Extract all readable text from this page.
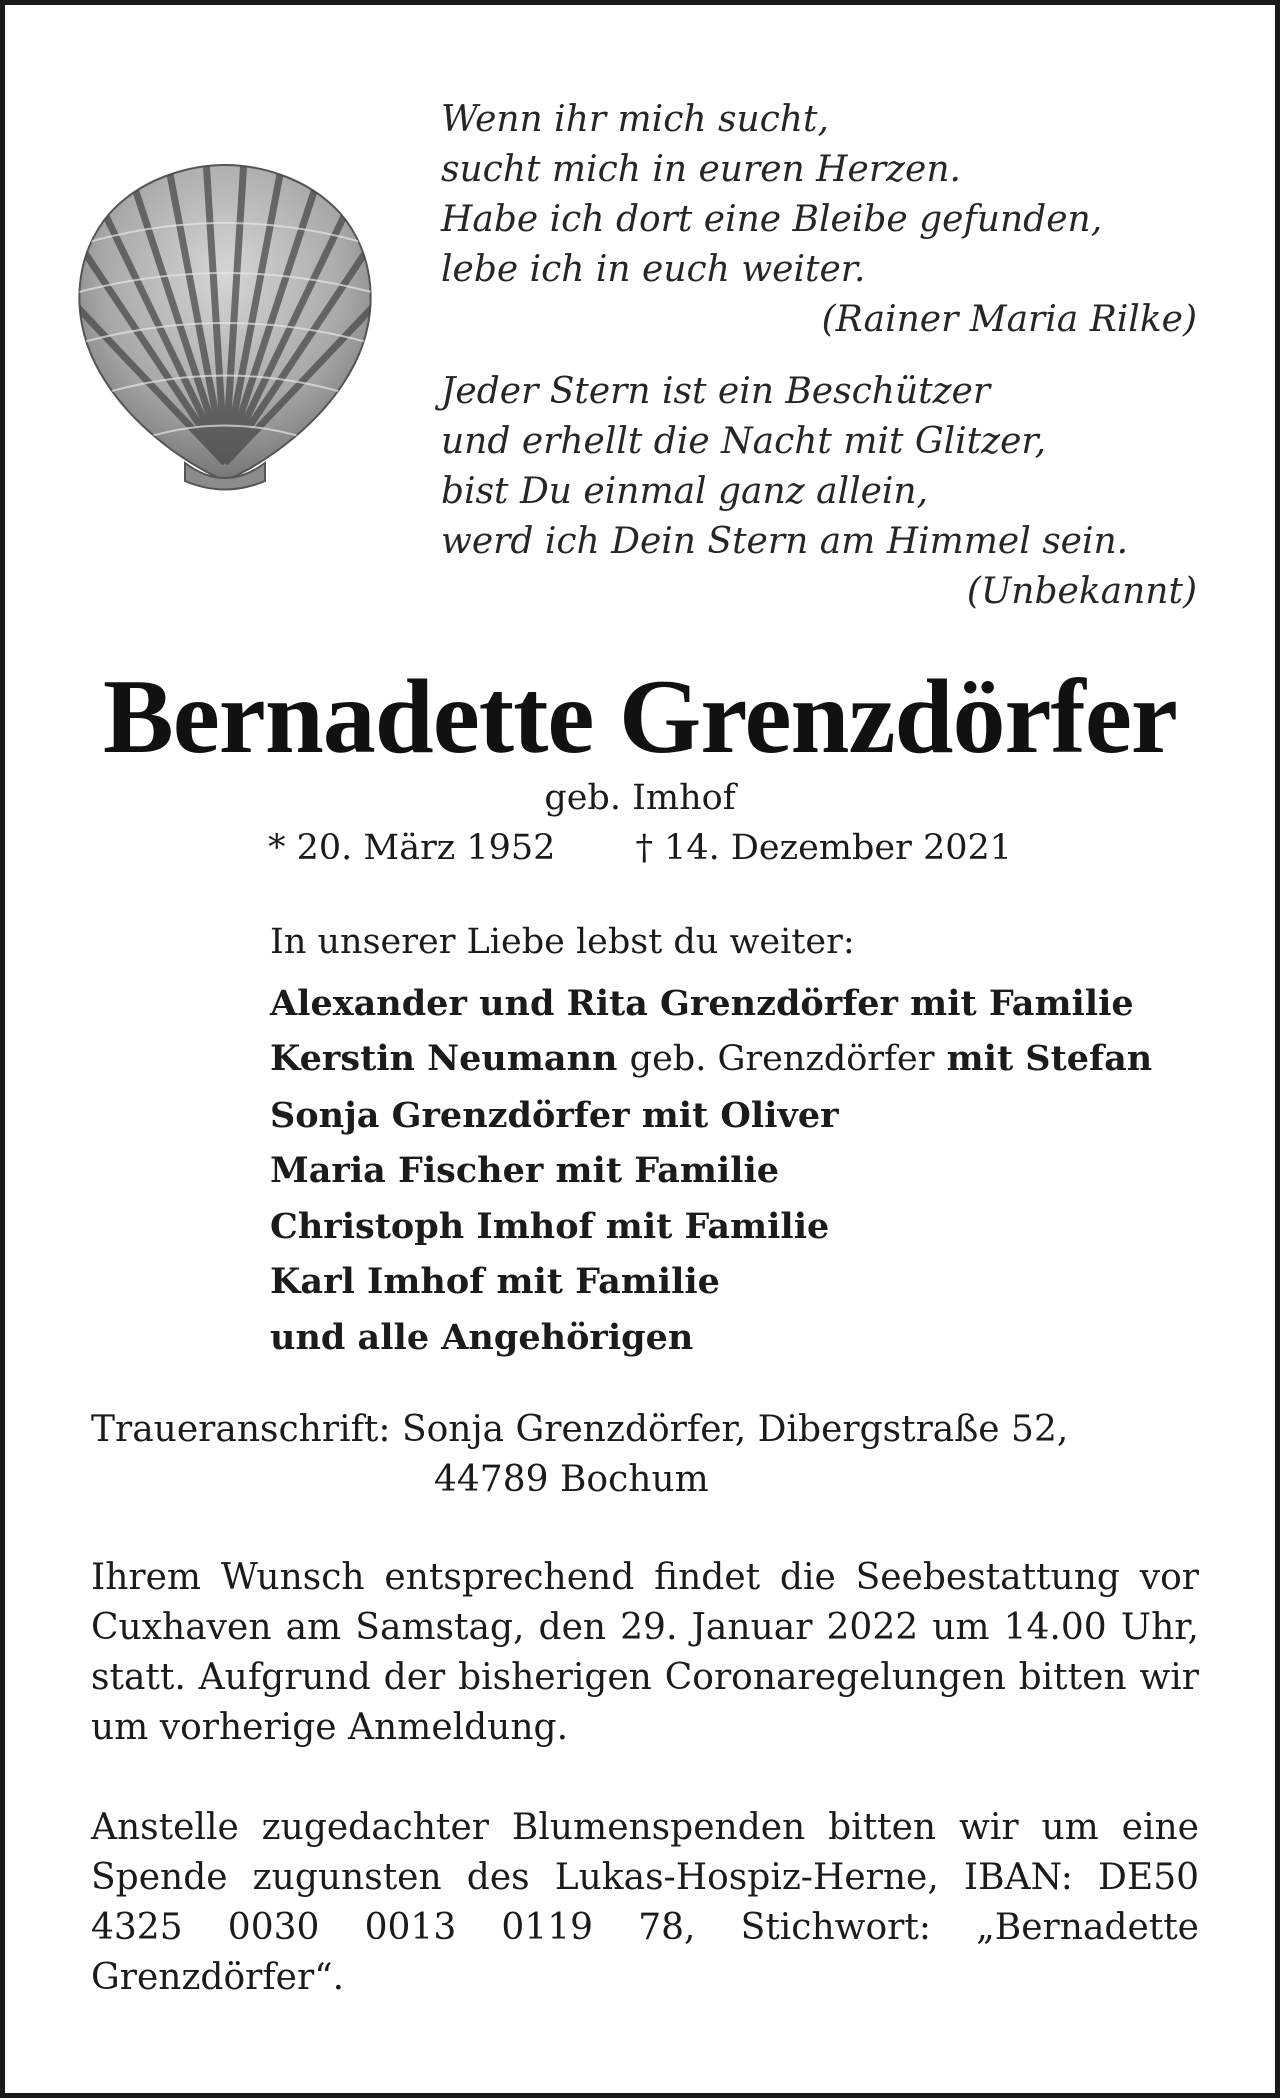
Wenn ihr mich sucht,
sucht mich in euren Herzen.
Habe ich dort eine Bleibe gefunden,
lebe ich in euch weiter.
(Rainer Maria Rilke)
Jeder Stern ist ein Beschützer
und erhellt die Nacht mit Glitzer,
bist Du einmal ganz allein,
werd ich Dein Stern am Himmel sein.
(Unbekannt)
Bernadette Grenzdörfer
geb. Imhof
* 20. März 1952 † 14. Dezember 2021
In unserer Liebe lebst du weiter:
Alexander und Rita Grenzdörfer mit Familie
Kerstin Neumann geb. Grenzdörfer mit Stefan
Sonja Grenzdörfer mit Oliver
Maria Fischer mit Familie
Christoph Imhof mit Familie
Karl Imhof mit Familie
und alle Angehörigen
Traueranschrift: Sonja Grenzdörfer, Dibergstraße 52,
44789 Bochum

Ihrem Wunsch entsprechend findet die Seebestattung vor Cuxhaven am Samstag, den 29. Januar 2022 um 14.00 Uhr, statt. Aufgrund der bisherigen Coronaregelungen bitten wir um vorherige Anmeldung.

Anstelle zugedachter Blumenspenden bitten wir um eine Spende zugunsten des Lukas-Hospiz-Herne, IBAN: DE50 4325 0030 0013 0119 78, Stichwort: „Bernadette Grenzdörfer“.
